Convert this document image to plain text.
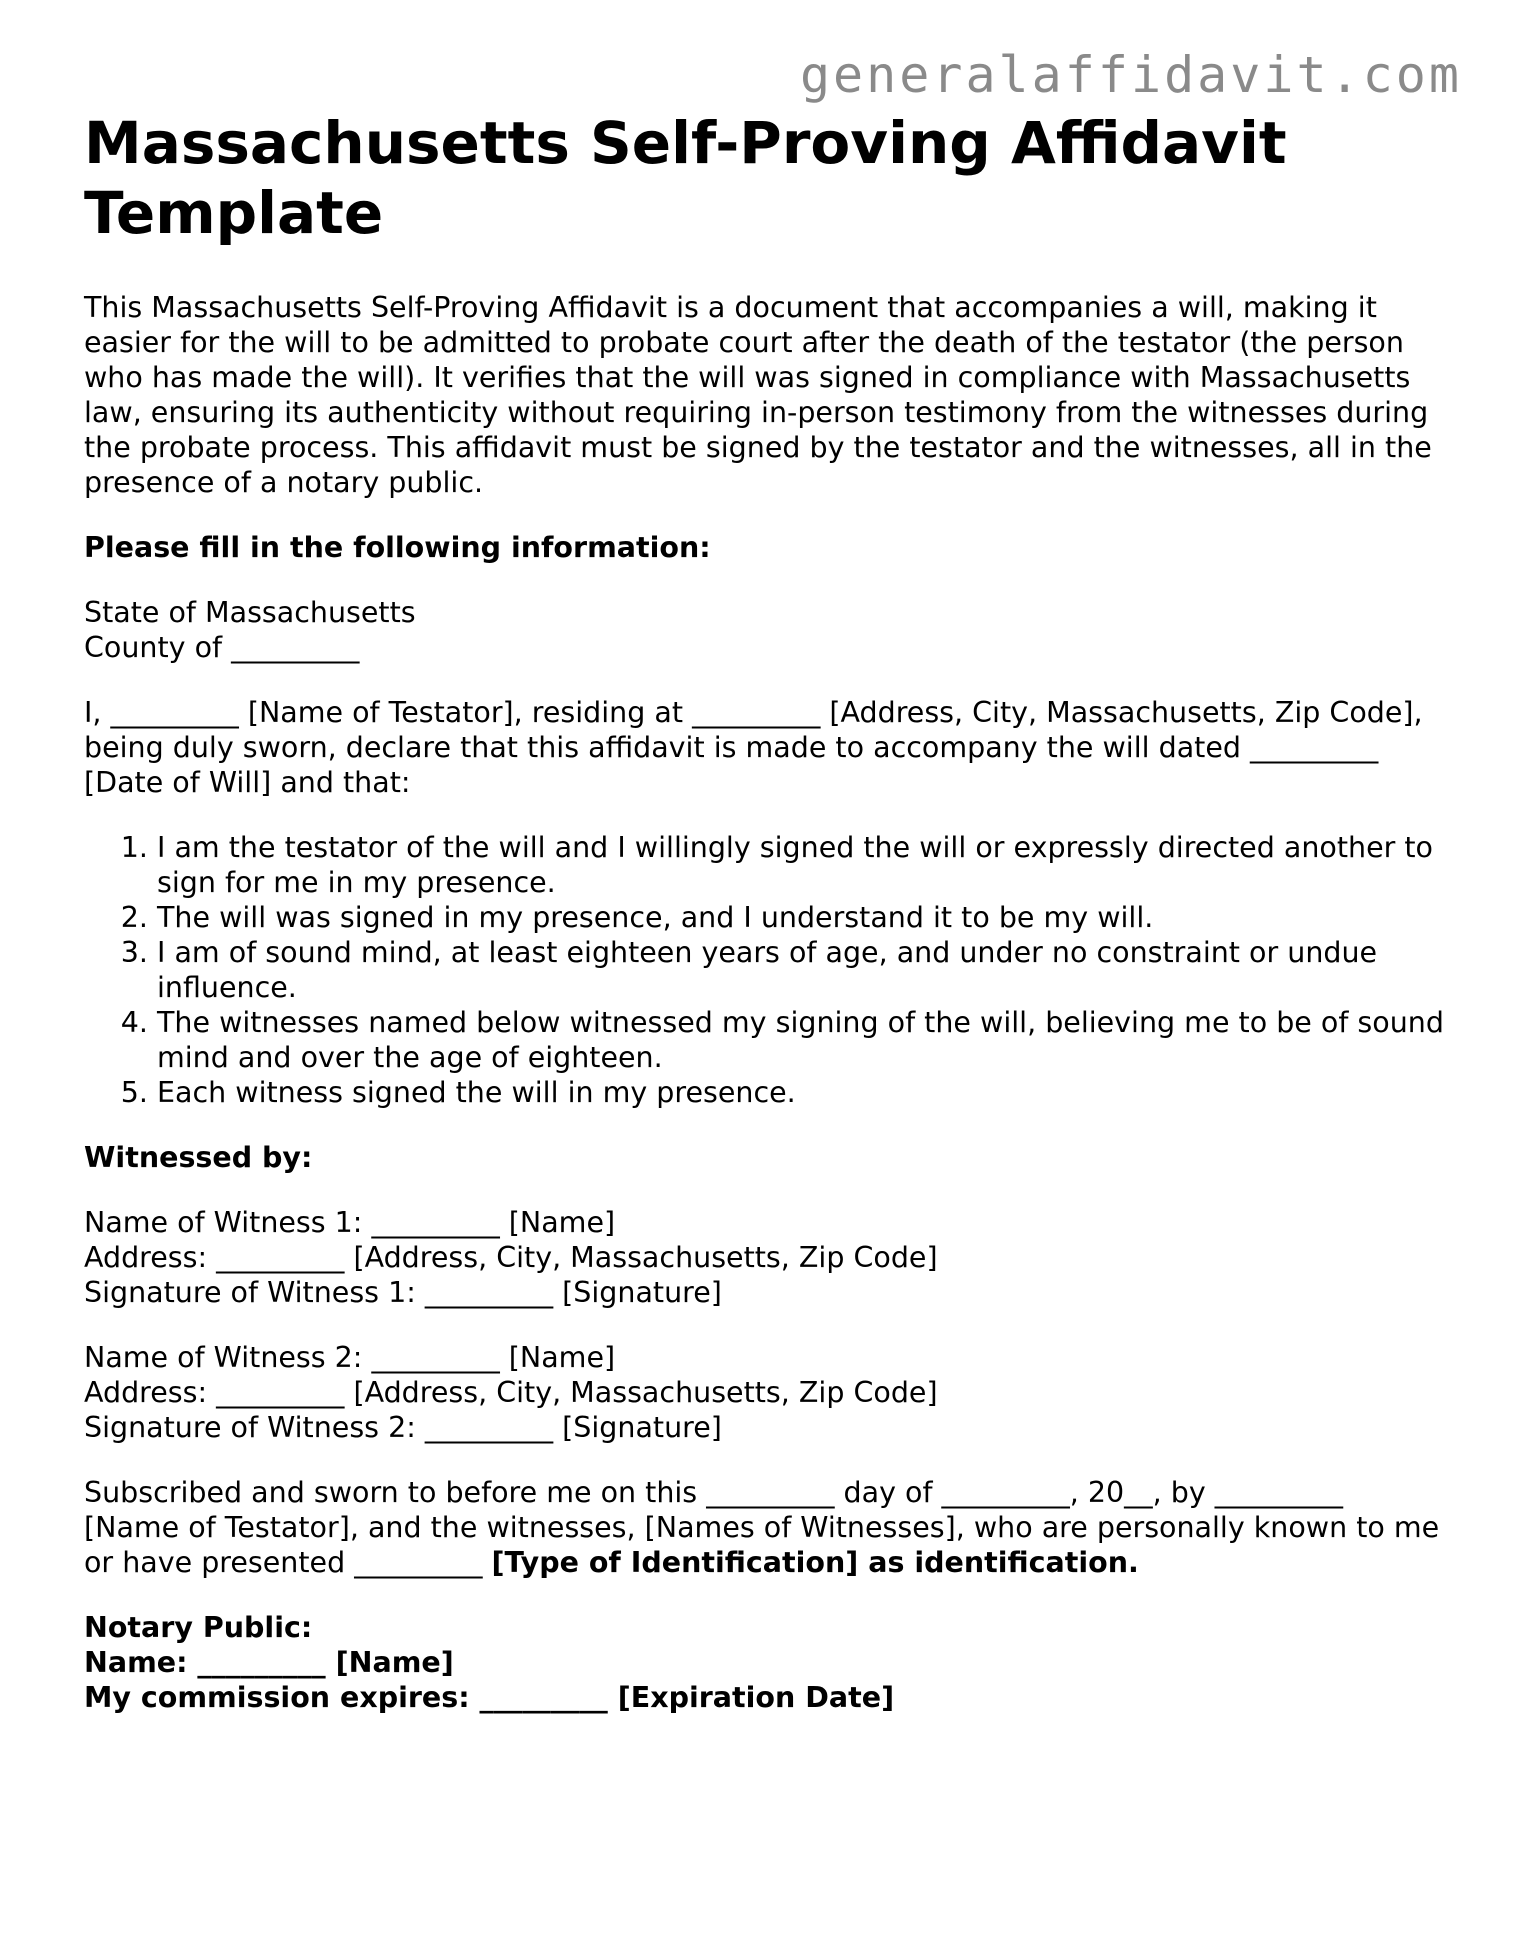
generalaffidavit.com
Massachusetts Self-Proving Affidavit Template

This Massachusetts Self-Proving Affidavit is a document that accompanies a will, making it easier for the will to be admitted to probate court after the death of the testator (the person who has made the will). It verifies that the will was signed in compliance with Massachusetts law, ensuring its authenticity without requiring in-person testimony from the witnesses during the probate process. This affidavit must be signed by the testator and the witnesses, all in the presence of a notary public.

Please fill in the following information:

State of Massachusetts
County of _________

I, _________ [Name of Testator], residing at _________ [Address, City, Massachusetts, Zip Code], being duly sworn, declare that this affidavit is made to accompany the will dated _________ [Date of Will] and that:

1. I am the testator of the will and I willingly signed the will or expressly directed another to sign for me in my presence.
2. The will was signed in my presence, and I understand it to be my will.
3. I am of sound mind, at least eighteen years of age, and under no constraint or undue influence.
4. The witnesses named below witnessed my signing of the will, believing me to be of sound mind and over the age of eighteen.
5. Each witness signed the will in my presence.

Witnessed by:

Name of Witness 1: _________ [Name]
Address: _________ [Address, City, Massachusetts, Zip Code]
Signature of Witness 1: _________ [Signature]
Name of Witness 2: _________ [Name]
Address: _________ [Address, City, Massachusetts, Zip Code]
Signature of Witness 2: _________ [Signature]

Subscribed and sworn to before me on this _________ day of _________, 20__, by _________ [Name of Testator], and the witnesses, [Names of Witnesses], who are personally known to me or have presented _________ [Type of Identification] as identification.

Notary Public:
Name: _________ [Name]
My commission expires: _________ [Expiration Date]
